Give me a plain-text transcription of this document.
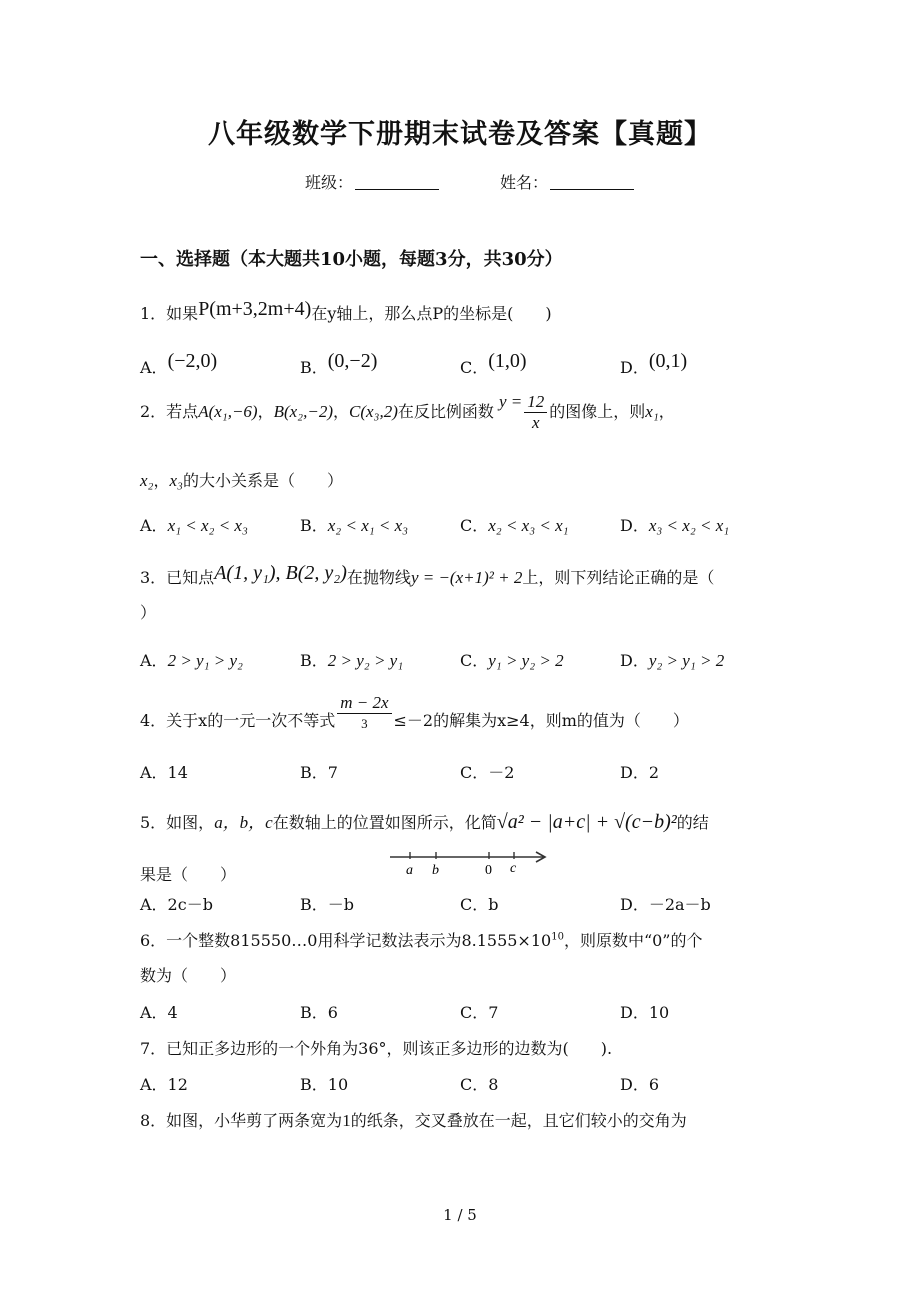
八年级数学下册期末试卷及答案【真题】
班级：	姓名：
一、选择题（本大题共10小题，每题3分，共30分）
1．如果P(m+3,2m+4)在y轴上，那么点P的坐标是(　　)
A．(−2,0)	B．(0,−2)	C．(1,0)	D．(0,1)
2．若点A(x₁,−6)，B(x₂,−2)，C(x₃,2)在反比例函数 $y = \frac{12}{x}$ 的图像上，则x₁，
x₂，x₃的大小关系是（　　）
A．x₁ < x₂ < x₃	B．x₂ < x₁ < x₃	C．x₂ < x₃ < x₁	D．x₃ < x₂ < x₁
3．已知点A(1, y₁), B(2, y₂)在抛物线y = −(x+1)² + 2上，则下列结论正确的是（
）
A．2 > y₁ > y₂	B．2 > y₂ > y₁	C．y₁ > y₂ > 2	D．y₂ > y₁ > 2
4．关于x的一元一次不等式 $\frac{m - 2x}{3} \le-2$的解集为x≥4，则m的值为（　　）
A．14	B．7	C．－2	D．2
5．如图，a，b，c在数轴上的位置如图所示，化简√a² − |a+c| + √(c−b)²的结
果是（　　）	a b	0 c
A．2c－b	B．－b	C．b	D．－2a－b
6．一个整数815550…0用科学记数法表示为$8.1555\times 10^{10}$，则原数中“0”的个
数为（　　）
A．4	B．6	C．7	D．10
7．已知正多边形的一个外角为36°，则该正多边形的边数为(　　).
A．12	B．10	C．8	D．6
8．如图，小华剪了两条宽为1的纸条，交叉叠放在一起，且它们较小的交角为
1 / 5
